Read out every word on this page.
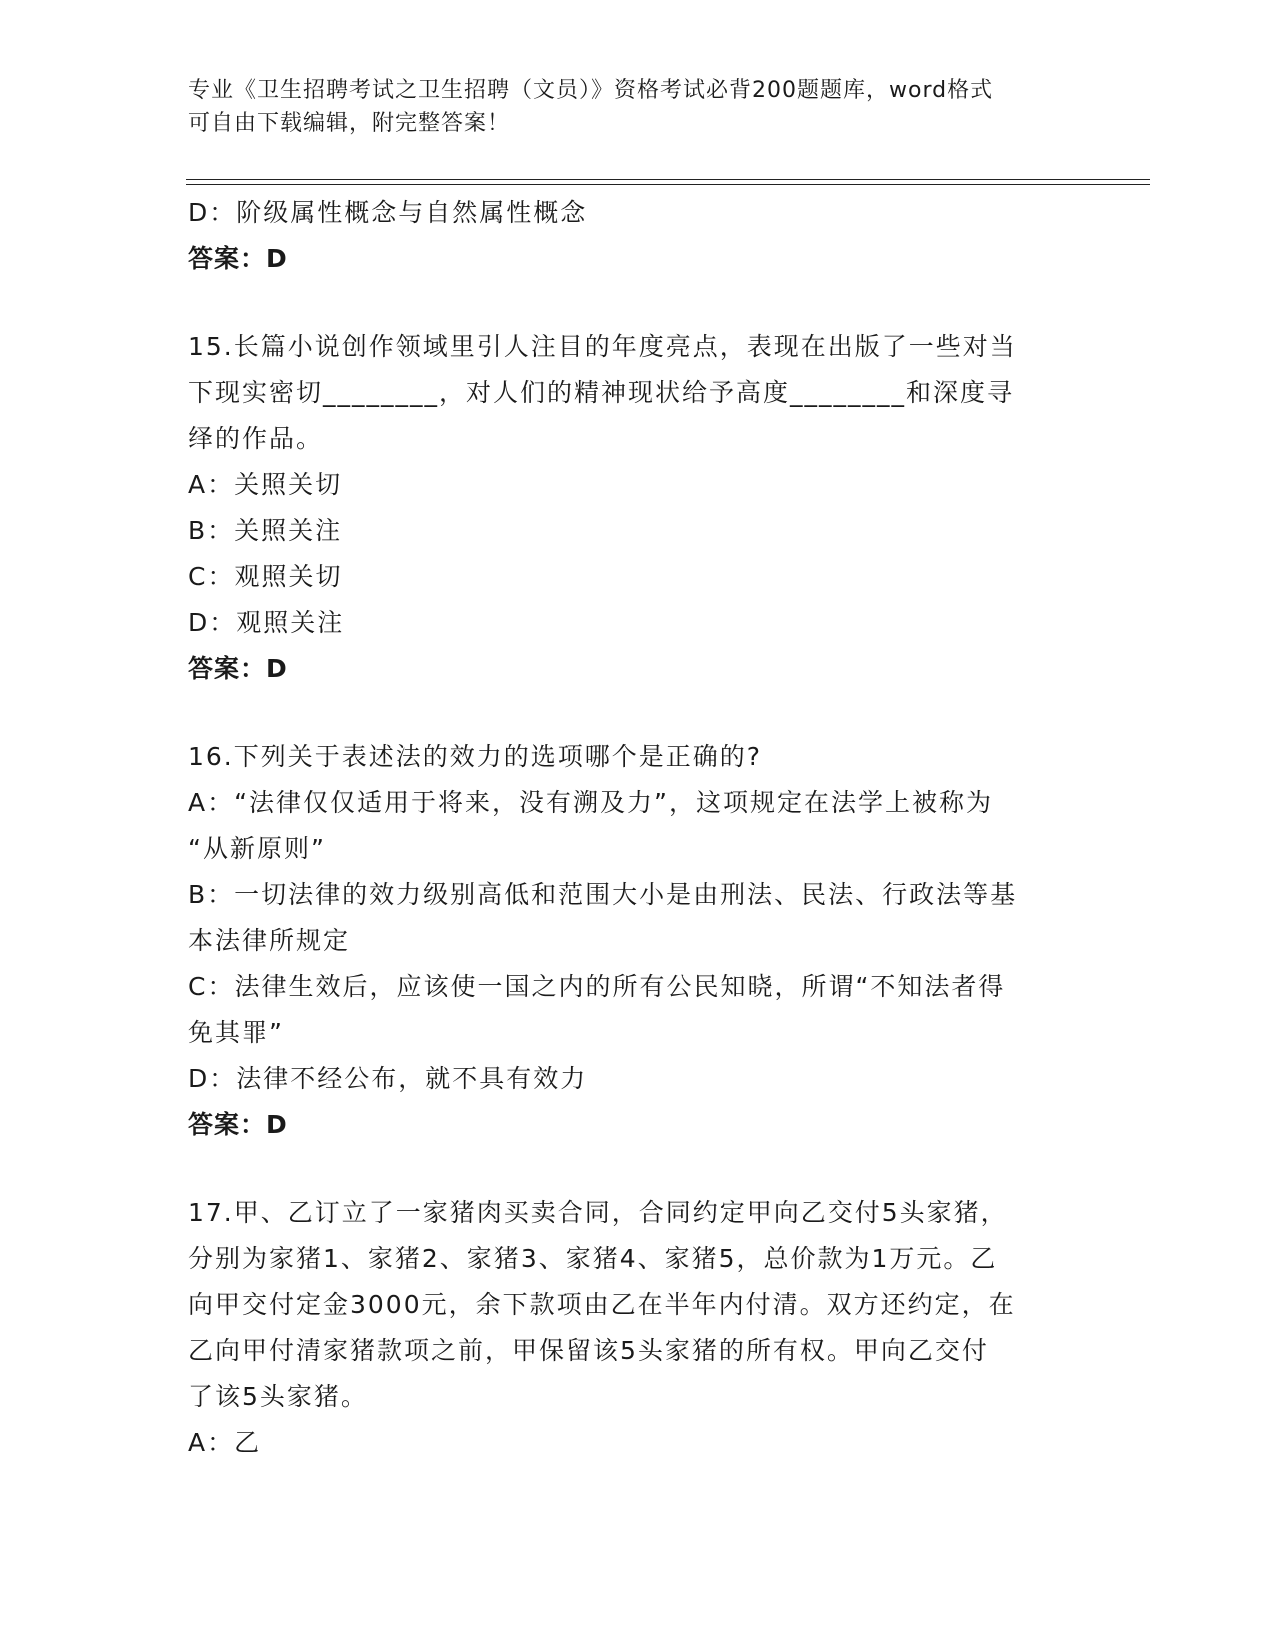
专业《卫生招聘考试之卫生招聘（文员）》资格考试必背200题题库，word格式
可自由下载编辑，附完整答案！
D：阶级属性概念与自然属性概念
答案：D
15.长篇小说创作领域里引人注目的年度亮点，表现在出版了一些对当
下现实密切________，对人们的精神现状给予高度________和深度寻
绎的作品。
A：关照关切
B：关照关注
C：观照关切
D：观照关注
答案：D
16.下列关于表述法的效力的选项哪个是正确的?
A：“法律仅仅适用于将来，没有溯及力”，这项规定在法学上被称为
“从新原则”
B：一切法律的效力级别高低和范围大小是由刑法、民法、行政法等基
本法律所规定
C：法律生效后，应该使一国之内的所有公民知晓，所谓“不知法者得
免其罪”
D：法律不经公布，就不具有效力
答案：D
17.甲、乙订立了一家猪肉买卖合同，合同约定甲向乙交付5头家猪，
分别为家猪1、家猪2、家猪3、家猪4、家猪5，总价款为1万元。乙
向甲交付定金3000元，余下款项由乙在半年内付清。双方还约定，在
乙向甲付清家猪款项之前，甲保留该5头家猪的所有权。甲向乙交付
了该5头家猪。
A：乙
